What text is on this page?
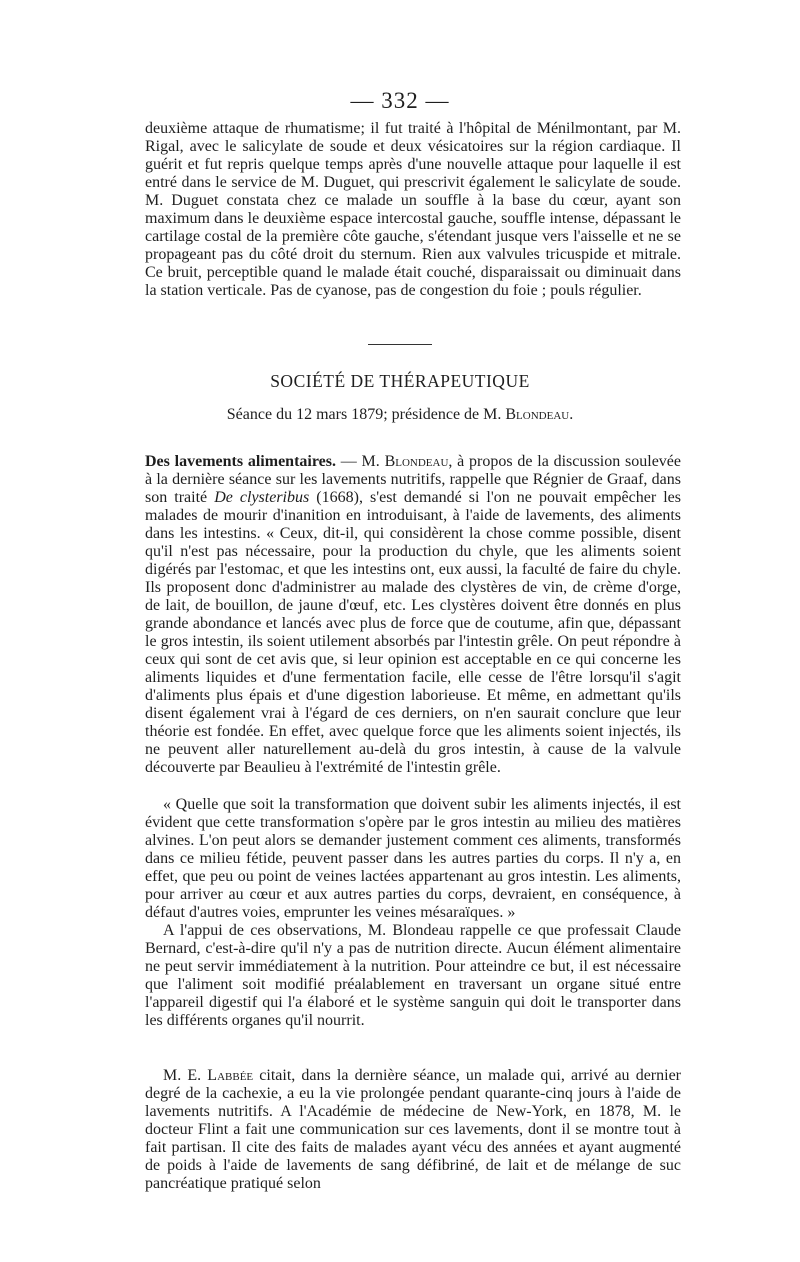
— 332 —

deuxième attaque de rhumatisme; il fut traité à l'hôpital de Ménilmontant, par M. Rigal, avec le salicylate de soude et deux vésicatoires sur la région cardiaque. Il guérit et fut repris quelque temps après d'une nouvelle attaque pour laquelle il est entré dans le service de M. Duguet, qui prescrivit également le salicylate de soude. M. Duguet constata chez ce malade un souffle à la base du cœur, ayant son maximum dans le deuxième espace intercostal gauche, souffle intense, dépassant le cartilage costal de la première côte gauche, s'étendant jusque vers l'aisselle et ne se propageant pas du côté droit du sternum. Rien aux valvules tricuspide et mitrale. Ce bruit, perceptible quand le malade était couché, disparaissait ou diminuait dans la station verticale. Pas de cyanose, pas de congestion du foie ; pouls régulier.

SOCIÉTÉ DE THÉRAPEUTIQUE
Séance du 12 mars 1879; présidence de M. Blondeau.

Des lavements alimentaires. — M. Blondeau, à propos de la discussion soulevée à la dernière séance sur les lavements nutritifs, rappelle que Régnier de Graaf, dans son traité De clysteribus (1668), s'est demandé si l'on ne pouvait empêcher les malades de mourir d'inanition en introduisant, à l'aide de lavements, des aliments dans les intestins. « Ceux, dit-il, qui considèrent la chose comme possible, disent qu'il n'est pas nécessaire, pour la production du chyle, que les aliments soient digérés par l'estomac, et que les intestins ont, eux aussi, la faculté de faire du chyle. Ils proposent donc d'administrer au malade des clystères de vin, de crème d'orge, de lait, de bouillon, de jaune d'œuf, etc. Les clystères doivent être donnés en plus grande abondance et lancés avec plus de force que de coutume, afin que, dépassant le gros intestin, ils soient utilement absorbés par l'intestin grêle. On peut répondre à ceux qui sont de cet avis que, si leur opinion est acceptable en ce qui concerne les aliments liquides et d'une fermentation facile, elle cesse de l'être lorsqu'il s'agit d'aliments plus épais et d'une digestion laborieuse. Et même, en admettant qu'ils disent également vrai à l'égard de ces derniers, on n'en saurait conclure que leur théorie est fondée. En effet, avec quelque force que les aliments soient injectés, ils ne peuvent aller naturellement au-delà du gros intestin, à cause de la valvule découverte par Beaulieu à l'extrémité de l'intestin grêle.

« Quelle que soit la transformation que doivent subir les aliments injectés, il est évident que cette transformation s'opère par le gros intestin au milieu des matières alvines. L'on peut alors se demander justement comment ces aliments, transformés dans ce milieu fétide, peuvent passer dans les autres parties du corps. Il n'y a, en effet, que peu ou point de veines lactées appartenant au gros intestin. Les aliments, pour arriver au cœur et aux autres parties du corps, devraient, en conséquence, à défaut d'autres voies, emprunter les veines mésaraïques. »

A l'appui de ces observations, M. Blondeau rappelle ce que professait Claude Bernard, c'est-à-dire qu'il n'y a pas de nutrition directe. Aucun élément alimentaire ne peut servir immédiatement à la nutrition. Pour atteindre ce but, il est nécessaire que l'aliment soit modifié préalablement en traversant un organe situé entre l'appareil digestif qui l'a élaboré et le système sanguin qui doit le transporter dans les différents organes qu'il nourrit.

M. E. Labbée citait, dans la dernière séance, un malade qui, arrivé au dernier degré de la cachexie, a eu la vie prolongée pendant quarante-cinq jours à l'aide de lavements nutritifs. A l'Académie de médecine de New-York, en 1878, M. le docteur Flint a fait une communication sur ces lavements, dont il se montre tout à fait partisan. Il cite des faits de malades ayant vécu des années et ayant augmenté de poids à l'aide de lavements de sang défibriné, de lait et de mélange de suc pancréatique pratiqué selon
